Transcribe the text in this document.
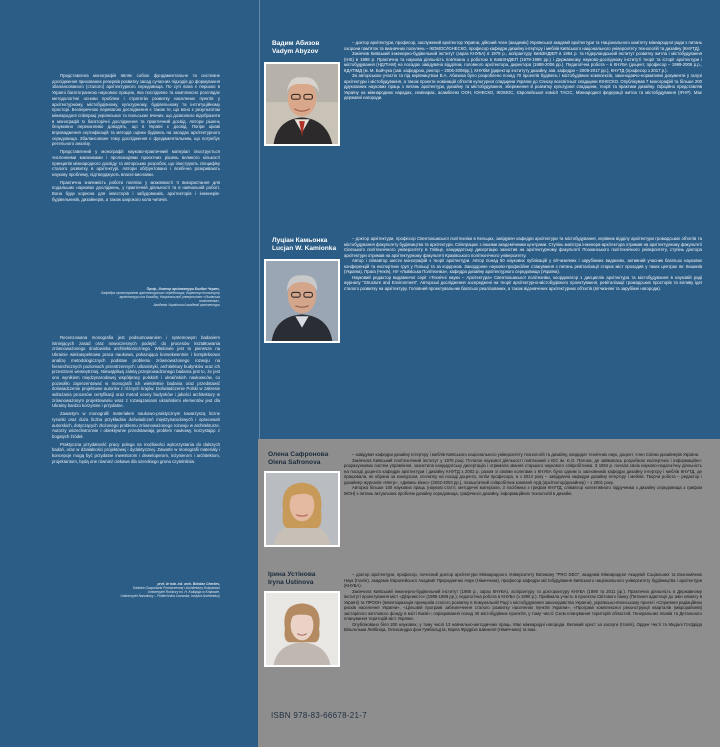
Представлена монографія являє собою фундаментальне та системне дослідження прихованих резервів розвитку засад сучасних підходів до формування збалансованого (сталого) архітектурного середовища. По суті вона є першою в Україні багатогранною науковою працею, яка послідовно та комплексно розглядає методологічні основи проблем і стратегію розвитку населених пунктів у архітектурному, містобудівному, культурному, будівельному та інституційному просторі. Безперечною перевагою дослідження є також те, що воно є результатом міжнародної співпраці українських та польських вчених, що дозволило відобразити в монографії їх багаторічні дослідження та практичний досвід. Автори рішень безумовно переконливо доводять, що в Україні є досвід. Попри цікаві впровадження сертифікацій та методів оцінки будівель на засадах архітектурного середовища. Збалансоване тому дослідження є фундаментальним, що потребує ретельного аналізу.

Представлений у монографії науково-практичний матеріал ілюструється численними малюнками і пропозиціями проєктних рішень великого кількості принципів міжнародного досвіду та авторських розробок, що ілюструють специфіку сталого розвитку в архітектурі. Автори обґрунтовано і всебічно розкривають наукову проблему, підтверджують власні висновки.

Практична значимість роботи полягає у можливості її використання для подальших наукових досліджень, у практичній діяльності та в навчальній роботі. Вона буде корисна для інвесторів і забудовників, архітекторів і інженерів-будівельників, дизайнерів, а також широкого кола читачів.

Проф., доктор архітектури Богдан Черкес,
Кафедра проектування архітектурного середовища, директор Інституту
архітектури та дизайну, Національний університет «Львівська політехніка»,
Академік Української академії архітектури

Recenzowana monografia jest podsumowaniem i systemowym badaniem istniejących zasad oraz nowoczesnych podejść do procesów kształtowania zrównoważonego środowiska architektonicznego. Właściwie jest to pierwsza na Ukrainie wieloaspektowa praca naukowa, pokazująca konsekwentnie i kompleksowo analizę metodologicznych podstaw problemu zrównoważonego rozwoju na hierarchicznych poziomach przestrzennych: urbanistyki, architektury budynków oraz ich przestrzeni wewnętrznej. Niewątpliwą zaletą przeprowadzonego badania jest to, że jest ono wynikiem międzynarodowej współpracy polskich i ukraińskich naukowców, co pozwoliło zaprezentować w monografii ich wieloletnie badania oraz przedstawić doświadczenie projektowe autorów z różnych krajów. Doświadczenie Polski w zakresie wdrażania procesów certyfikacji oraz metod oceny budynków i jakości architektury w zrównoważonym projektowaniu wraz z rozwiązaniami ukraińskimi elementów jest dla Ukrainy bardzo korzystne i przydatne.

Zawartym w monografii materiałem naukowo-praktycznym towarzyszą liczne rysunki oraz duża liczba przykładów doświadczeń międzynarodowych i opracowań autorskich, dotyczących złożonego problemu zrównoważonego rozwoju w architekturze. Autorzy wszechstronnie i obiektywnie przedstawiają problem naukowy, korzystając z bogatych źródeł.

Praktyczna przydatność pracy polega na możliwości wykorzystania do dalszych badań, oraz w działalności projektowej i dydaktycznej. Zawarte w monografii materiały i koncepcje mogą być przydatne inwestorom i deweloperom, inżynierom i architektom, projektantom, będą one również ciekawe dla szerokiego grona czytelników.

prof. dr hab. inż. arch. Bohdan Cherkes,
Katedra Gospodarki Przestrzennej i Architektury Krajobrazu
Uniwersytet Rolniczy im. H. Kołłątaja w Krakowie,
Uniwersytet Narodowy – Politechnika Lwowska, Instytut Architektury
Вадим Абизов
Vadym Abyzov

– доктор архітектури, професор, заслужений архітектор України, дійсний член (академік) Української академії архітектури та Національного комітету міжнародної ради з питань охорони пам'яток та визначних поселень – ІКОМОС/ЮНЕСКО, професор кафедри дизайну інтер'єру і меблів Київського національного університету технологій та дизайну (КНУТД).

Закінчив Київський інженерно-будівельний інститут (зараз КНУБА) в 1979 р., аспірантуру КиївЗНДІЕП в 1984 р. та Нідерландський інститут розвитку житла і містобудування (IHS) в 1998 р. Практична та наукова діяльність пов'язана з роботою в КиївЗНДІЕП (1979-1988 рр.) і Державному науково-дослідному інституті теорії та історії архітектури і містобудування (НДІТІАМ) на посадах завідувача відділом, головного архітектора, директора (1988-2006 рр.). Педагогічна робота – в КНУБА (доцент, професор – 1999-2006 р.р., КДАТІМД (м. М. Бойчука (зав. кафедрою, ректор – 2006-2008рр.), КНУКіМ (директор інституту дизайну, зав. кафедри – 2009-2017 рр.), КНУТД (професор з 2017 р.).

За авторською участю та під керівництвом В.А. Абизова було розроблено понад 70 проектів будівель і містобудівних комплексів, законодавчо-нормативні документи у галузі архітектури і містобудування, а також проекти номінацій об'єктів культурної спадщини України до Списку всесвітньої спадщини ЮНЕСКО. Опублікував 7 монографій та більше 200 друкованих наукових праць з питань архітектури, дизайну та містобудування, збереження й розвитку культурної спадщини, теорії та практики дизайну. Офіційно представляв Україну на міжнародних нарадах, семінарах, асамблеях ООН, ЮНЕСКО, ІКОМОС, Європейської комісії ТАСІС, Міжнародної федерації житла та містобудування (IFHP). Має державні нагороди.

Луціан Камьонка
Lucjan W. Kamionka

– доктор архітектури, професор Свентокшиської політехніки в Кельцах, завідувач кафедри архітектури та містобудування, керівник відділу архітектури громадських об'єктів та містобудування факультету будівництва та архітектури. Співпрацює з іншими академічними центрами. Ступінь магістра інженера-архітектора отримав на архітектурному факультеті Сілезького політехнічного університету в Глівіце, кандидатську дисертацію захистив на архітектурному факультеті Познанського політехнічного університету, ступінь доктора архітектури отримав на архітектурному факультеті Краківського політехнічного університету.

Автор і співавтор шести монографій з теорії архітектури. Автор понад 50 наукових публікацій у вітчизняних і зарубіжних виданнях, активний учасник багатьох наукових конференцій та експертних груп у Польщі та за кордоном. Закордонне науково-професійне стажування з питань ревіталізації старих міст проходив у таких центрах як: Кишинів (Україна), Прага (Чехія), НУ «Львівська Політехніка», кафедра дизайну архітектурного середовища (Україна).

Науковий редактор видавничої серії «Технічні науки – Архітектура» Свентокшиської політехніки, координатор з дисциплін архітектура та містобудування в науковій раді журналу "Structure and Environment". Авторські дослідження зосереджені на теорії архітектурно-містобудівного проектування, ревіталізації громадських просторів та впливу ідеї сталого розвитку на архітектуру. Головний проектувальник багатьох реалізованих, а також відзначених архітектурних об'єктів (вітчизняні та зарубіжні нагороди).

Олена Сафронова
Olena Safronova

– завідувач кафедри дизайну інтер'єру і меблів Київського національного університету технологій та дизайну, кандидат технічних наук, доцент, член Спілки дизайнерів України.

Закінчила Київський політехнічний інститут у 1976 році. Початок наукової діяльності пов'язаний з ІЕС ім. Є.О. Патона, де займалась розробкою експертних і інформаційно-розрахункових систем управління, захистила кандидатську дисертацію і отримала звання старшого наукового співробітника. З 1994 р. почала свою науково-педагогічну діяльність на посаді доцента кафедри архітектури і дизайну КНУТД з 2002 р. разом зі своїми колегами з КНУБА була одним із засновників кафедри дизайну інтер'єру і меблів КНУТД, де працювала, як обрана за конкурсом, спочатку на посаді доцента, потім професора, а з 2013 року – завідувача кафедри дизайну інтер'єру і меблів. Творча робота – редактор і дизайнер журналів «Метр», «Дивись вікно» (2002-2003 рр.), позаштатний співробітник компанії АрД (архітектор/дизайнер) – з 2001 року.

Авторка більше 100 наукових праць (наукові статті, методичні матеріали, 3 посібника з грифом КНУТД, співавтор колективного підручника з дизайну середовища з грифом МОН) з питань актуальних проблем дизайну середовища, графічного дизайну, інформаційних технологій в дизайні.

Ірина Устінова
Iryna Ustinova

– доктор архітектури, професор, почесний доктор архітектури Міжнародного Університету Ватикану "PRO DEO", академік Міжнародної Академії Соціальних та Економічних Наук (Італія), академік Європейської Академії Природничих Наук (Німеччина), професор кафедри містобудування Київського національного університету будівництва і архітектури (КНУБА).

Закінчила Київський інженерно-будівельний інститут (1985 р., зараз КНУБА), аспірантуру та докторантуру КНУБА (1990 та 2011 рр.). Практична діяльність в Державному інституті проектування міст «Діпромісто» (1985-1989 рр.); педагогічна робота в КНУБА (з 1990 р.). Приймала участь в проектах Світового банку (Питання адаптації до змін клімату в Україні) та ПРООН (Інвентаризація принципів сталого розвитку в Комунальній Раді з містобудування законодавства України), українсько-японському проекті «Сприяння радіаційних рисків населення України», «Цільовій програмі забезпечення сталого розвитку населених пунктів України», «Програмі комплексної реконструкції кварталів (мікрорайонів) застарілого житлового фонду в місті Києві»; опрацювання понад 40 містобудівних проектів, у тому числі: Схем планування територій областей, Генеральних планів та Детального планування територій міст України.

Опубліковано біля 200 наукових, у тому числі 13 навчально-методичних праць. Має міжнародні нагороди. Великий хрест за заслуги (Італія), Орден Честі та Медалі Готфріда Вільгельма Лейбніца, Олександра фон Гумбольдта, Карла Фрідріха Шинкеля (Німеччина) та інші.

ISBN 978-83-66678-21-7
